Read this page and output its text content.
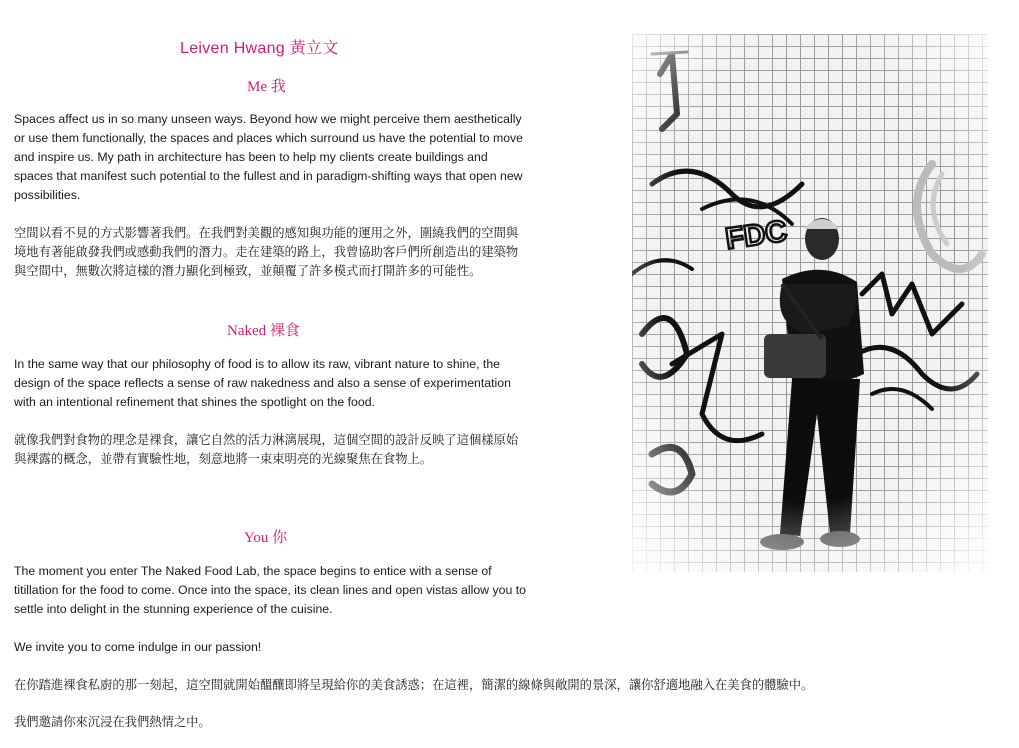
Leiven Hwang 黃立文
Me 我

Spaces affect us in so many unseen ways. Beyond how we might perceive them aesthetically or use them functionally, the spaces and places which surround us have the potential to move and inspire us. My path in architecture has been to help my clients create buildings and spaces that manifest such potential to the fullest and in paradigm-shifting ways that open new possibilities.

空間以看不見的方式影響著我們。在我們對美觀的感知與功能的運用之外，圍繞我們的空間與境地有著能啟發我們或感動我們的潛力。走在建築的路上，我曾協助客戶們所創造出的建築物與空間中，無數次將這樣的潛力顯化到極致，並顛覆了許多模式而打開許多的可能性。

Naked 裸食

In the same way that our philosophy of food is to allow its raw, vibrant nature to shine, the design of the space reflects a sense of raw nakedness and also a sense of experimentation with an intentional refinement that shines the spotlight on the food.

就像我們對食物的理念是裸食，讓它自然的活力淋漓展現，這個空間的設計反映了這個樣原始與裸露的概念，並帶有實驗性地，刻意地將一束束明亮的光線聚焦在食物上。

You 你

The moment you enter The Naked Food Lab, the space begins to entice with a sense of titillation for the food to come. Once into the space, its clean lines and open vistas allow you to settle into delight in the stunning experience of the cuisine.

We invite you to come indulge in our passion!

在你踏進裸食私廚的那一刻起，這空間就開始醞釀即將呈現給你的美食誘惑；在這裡，簡潔的線條與敞開的景深，讓你舒適地融入在美食的體驗中。

我們邀請你來沉浸在我們熱情之中。
